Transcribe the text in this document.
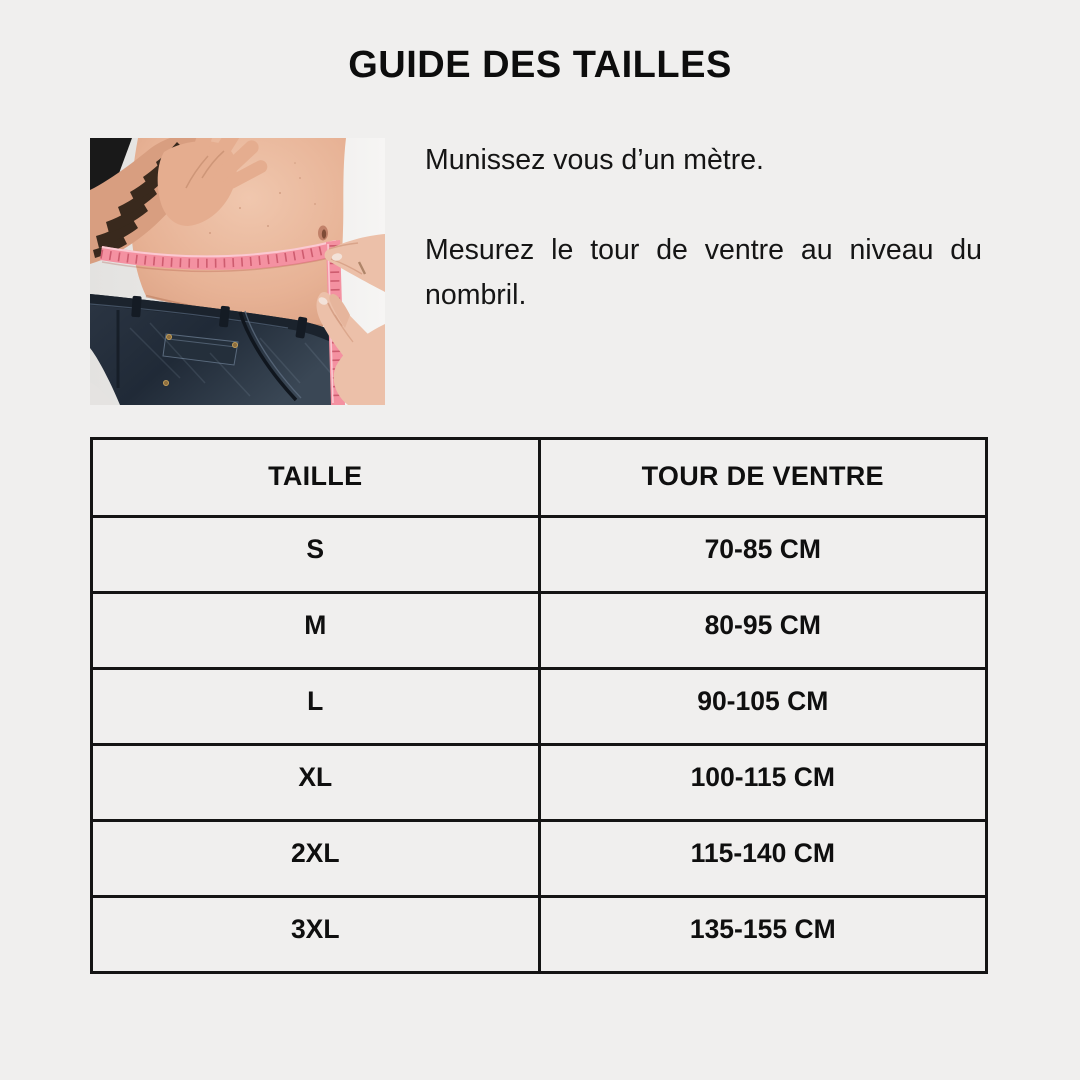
GUIDE DES TAILLES

Munissez vous d’un mètre.

Mesurez le tour de ventre au niveau du nombril.

TAILLE	TOUR DE VENTRE
S	70-85 CM
M	80-95 CM
L	90-105 CM
XL	100-115 CM
2XL	115-140 CM
3XL	135-155 CM
